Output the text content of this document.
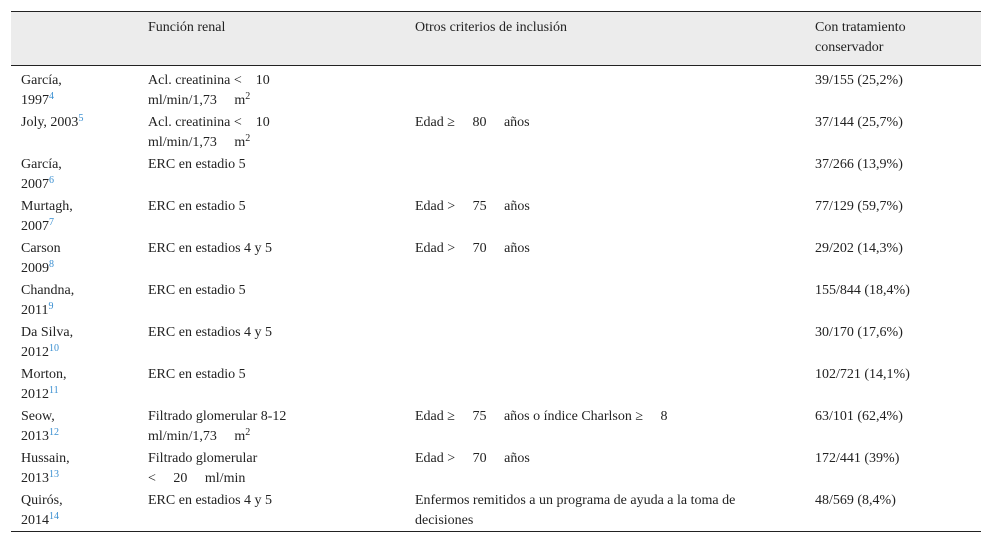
	Función renal	Otros criterios de inclusión	Con tratamiento
conservador
García,
1997$^4$	Acl. creatinina <    10
ml/min/1,73     $m^2$		39/155 (25,2%)
Joly, 2003$^5$	Acl. creatinina <    10
ml/min/1,73     $m^2$	Edad ≥     80     años	37/144 (25,7%)
García,
2007$^6$	ERC en estadio 5		37/266 (13,9%)
Murtagh,
2007$^7$	ERC en estadio 5	Edad >     75     años	77/129 (59,7%)
Carson
2009$^8$	ERC en estadios 4 y 5	Edad >     70     años	29/202 (14,3%)
Chandna,
2011$^9$	ERC en estadio 5		155/844 (18,4%)
Da Silva,
2012$^{10}$	ERC en estadios 4 y 5		30/170 (17,6%)
Morton,
2012$^{11}$	ERC en estadio 5		102/721 (14,1%)
Seow,
2013$^{12}$	Filtrado glomerular 8-12
ml/min/1,73     $m^2$	Edad ≥     75     años o índice Charlson ≥     8	63/101 (62,4%)
Hussain,
2013$^{13}$	Filtrado glomerular
<     20     ml/min	Edad >     70     años	172/441 (39%)
Quirós,
2014$^{14}$	ERC en estadios 4 y 5	Enfermos remitidos a un programa de ayuda a la toma de
decisiones	48/569 (8,4%)
